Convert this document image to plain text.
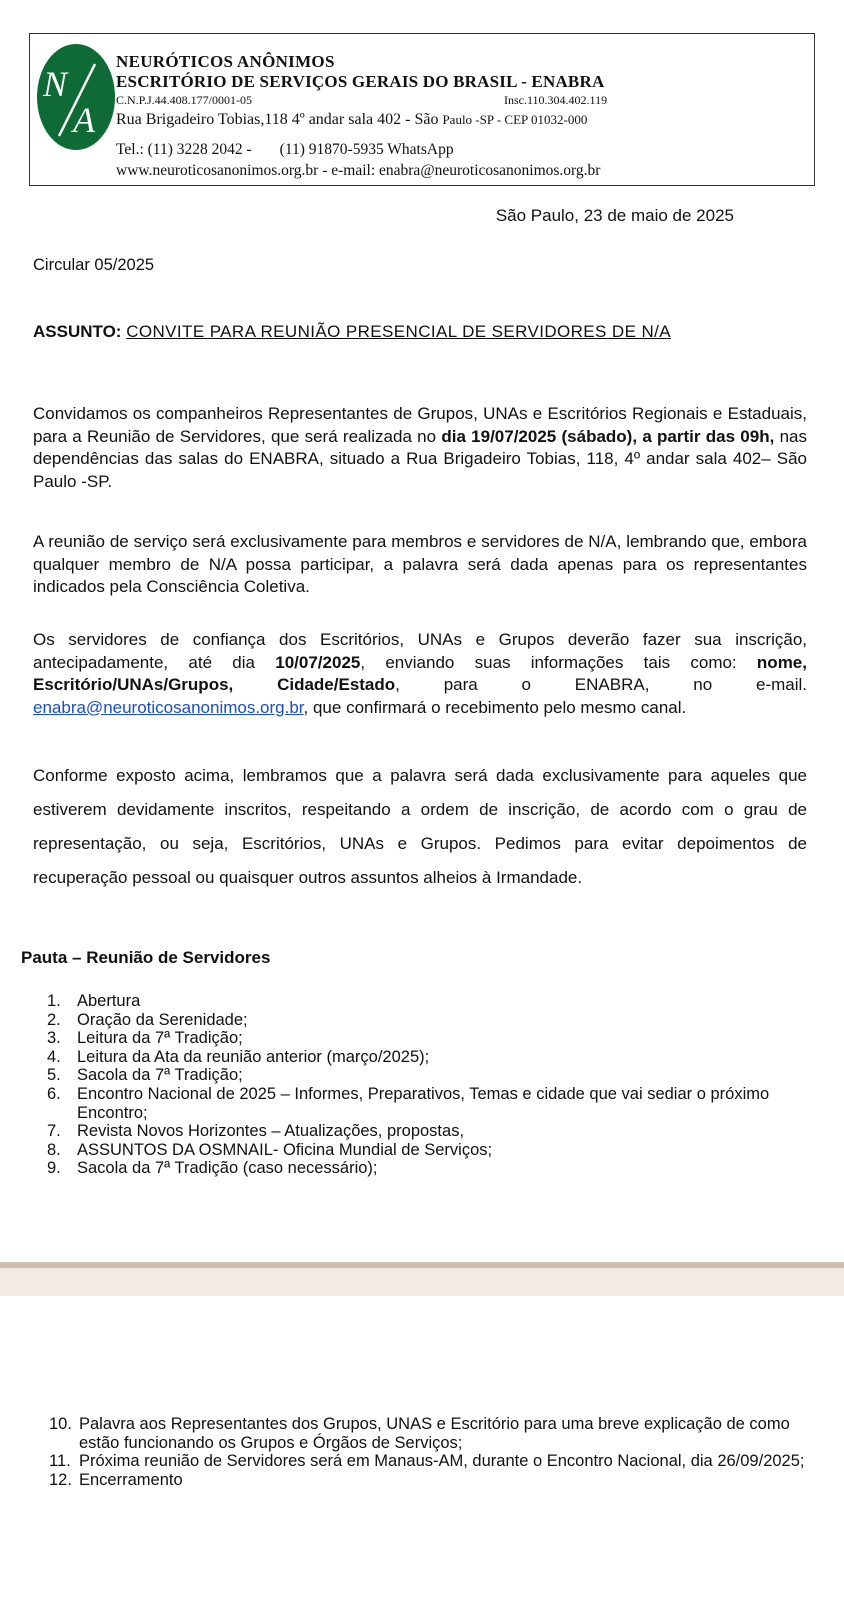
N
A
NEURÓTICOS ANÔNIMOS
ESCRITÓRIO DE SERVIÇOS GERAIS DO BRASIL - ENABRA
C.N.P.J.44.408.177/0001-05	Insc.110.304.402.119
Rua Brigadeiro Tobias,118 4º andar sala 402 - São Paulo -SP - CEP 01032-000
Tel.: (11) 3228 2042 - (11) 91870-5935 WhatsApp
www.neuroticosanonimos.org.br - e-mail: enabra@neuroticosanonimos.org.br
São Paulo, 23 de maio de 2025
Circular 05/2025
ASSUNTO: CONVITE PARA REUNIÃO PRESENCIAL DE SERVIDORES DE N/A
Convidamos os companheiros Representantes de Grupos, UNAs e Escritórios Regionais e Estaduais, para a Reunião de Servidores, que será realizada no dia 19/07/2025 (sábado), a partir das 09h, nas dependências das salas do ENABRA, situado a Rua Brigadeiro Tobias, 118, 4º andar sala 402– São Paulo -SP.
A reunião de serviço será exclusivamente para membros e servidores de N/A, lembrando que, embora qualquer membro de N/A possa participar, a palavra será dada apenas para os representantes indicados pela Consciência Coletiva.
Os servidores de confiança dos Escritórios, UNAs e Grupos deverão fazer sua inscrição, antecipadamente, até dia 10/07/2025, enviando suas informações tais como: nome, Escritório/UNAs/Grupos, Cidade/Estado, para o ENABRA, no e-mail. enabra@neuroticosanonimos.org.br, que confirmará o recebimento pelo mesmo canal.
Conforme exposto acima, lembramos que a palavra será dada exclusivamente para aqueles que estiverem devidamente inscritos, respeitando a ordem de inscrição, de acordo com o grau de representação, ou seja, Escritórios, UNAs e Grupos. Pedimos para evitar depoimentos de recuperação pessoal ou quaisquer outros assuntos alheios à Irmandade.
Pauta – Reunião de Servidores
1. Abertura
2. Oração da Serenidade;
3. Leitura da 7ª Tradição;
4. Leitura da Ata da reunião anterior (março/2025);
5. Sacola da 7ª Tradição;
6. Encontro Nacional de 2025 – Informes, Preparativos, Temas e cidade que vai sediar o próximo Encontro;
7. Revista Novos Horizontes – Atualizações, propostas,
8. ASSUNTOS DA OSMNAIL- Oficina Mundial de Serviços;
9. Sacola da 7ª Tradição (caso necessário);
10. Palavra aos Representantes dos Grupos, UNAS e Escritório para uma breve explicação de como estão funcionando os Grupos e Órgãos de Serviços;
11. Próxima reunião de Servidores será em Manaus-AM, durante o Encontro Nacional, dia 26/09/2025;
12. Encerramento
